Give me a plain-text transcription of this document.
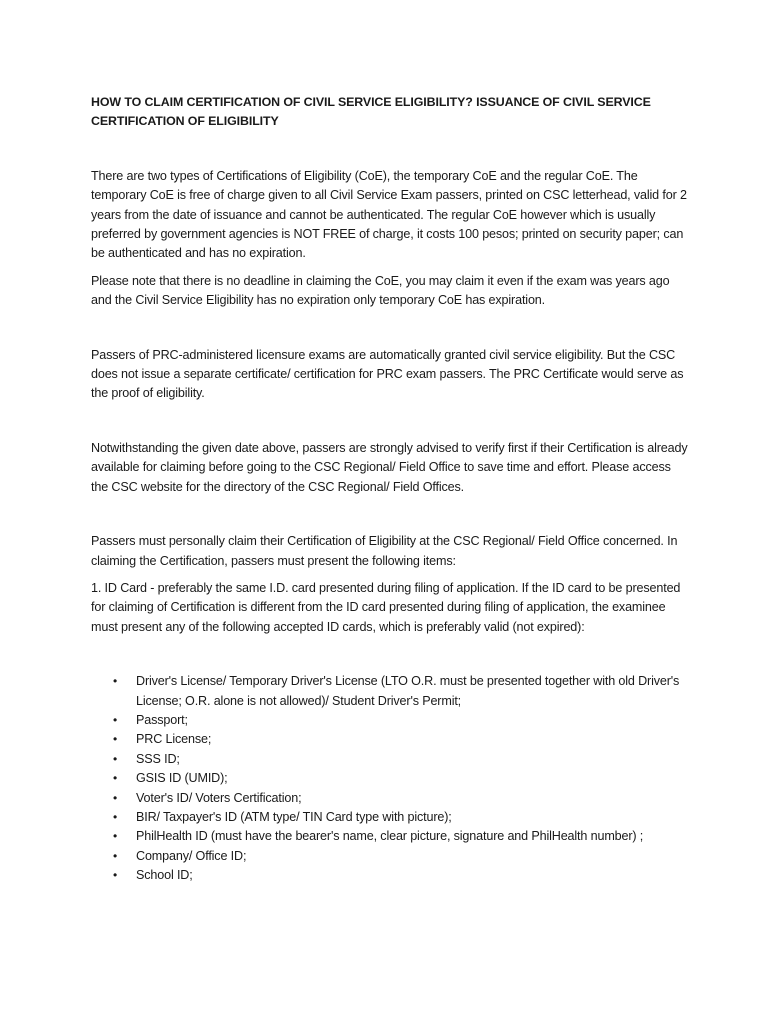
HOW TO CLAIM CERTIFICATION OF CIVIL SERVICE ELIGIBILITY? ISSUANCE OF CIVIL SERVICE CERTIFICATION OF ELIGIBILITY

There are two types of Certifications of Eligibility (CoE), the temporary CoE and the regular CoE. The temporary CoE is free of charge given to all Civil Service Exam passers, printed on CSC letterhead, valid for 2 years from the date of issuance and cannot be authenticated. The regular CoE however which is usually preferred by government agencies is NOT FREE of charge, it costs 100 pesos; printed on security paper; can be authenticated and has no expiration.

Please note that there is no deadline in claiming the CoE, you may claim it even if the exam was years ago and the Civil Service Eligibility has no expiration only temporary CoE has expiration.

Passers of PRC-administered licensure exams are automatically granted civil service eligibility. But the CSC does not issue a separate certificate/ certification for PRC exam passers. The PRC Certificate would serve as the proof of eligibility.

Notwithstanding the given date above, passers are strongly advised to verify first if their Certification is already available for claiming before going to the CSC Regional/ Field Office to save time and effort. Please access the CSC website for the directory of the CSC Regional/ Field Offices.

Passers must personally claim their Certification of Eligibility at the CSC Regional/ Field Office concerned. In claiming the Certification, passers must present the following items:

1. ID Card - preferably the same I.D. card presented during filing of application. If the ID card to be presented for claiming of Certification is different from the ID card presented during filing of application, the examinee must present any of the following accepted ID cards, which is preferably valid (not expired):

•	Driver's License/ Temporary Driver's License (LTO O.R. must be presented together with old Driver's License; O.R. alone is not allowed)/ Student Driver's Permit;
•	Passport;
•	PRC License;
•	SSS ID;
•	GSIS ID (UMID);
•	Voter's ID/ Voters Certification;
•	BIR/ Taxpayer's ID (ATM type/ TIN Card type with picture);
•	PhilHealth ID (must have the bearer's name, clear picture, signature and PhilHealth number) ;
•	Company/ Office ID;
•	School ID;
